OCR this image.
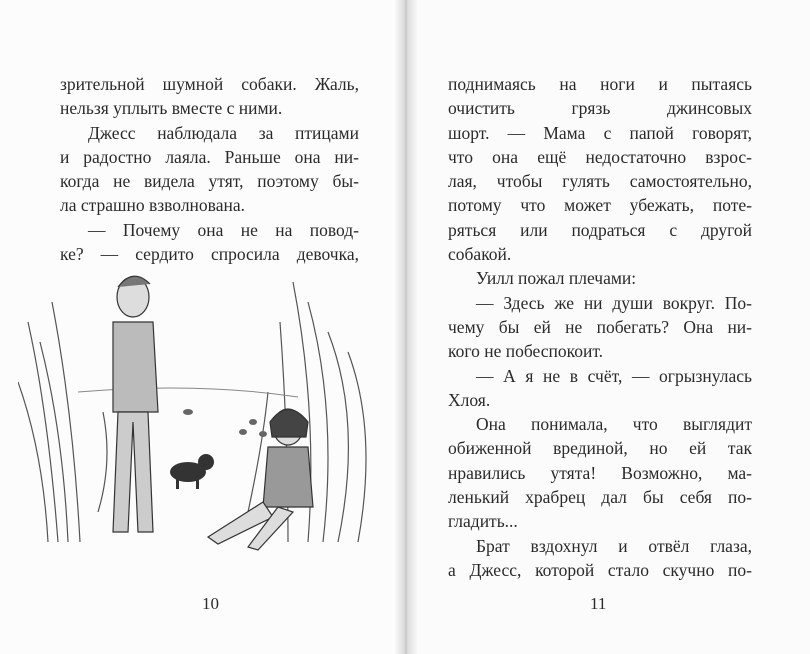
зрительной шумной собаки. Жаль,
нельзя уплыть вместе с ними.
Джесс наблюдала за птицами
и радостно лаяла. Раньше она ни-
когда не видела утят, поэтому бы-
ла страшно взволнована.
— Почему она не на повод-
ке? — сердито спросила девочка,
10	11
поднимаясь на ноги и пытаясь
очистить грязь джинсовых
шорт. — Мама с папой говорят,
что она ещё недостаточно взрос-
лая, чтобы гулять самостоятельно,
потому что может убежать, поте-
ряться или подраться с другой
собакой.
Уилл пожал плечами:
— Здесь же ни души вокруг. По-
чему бы ей не побегать? Она ни-
кого не побеспокоит.
— А я не в счёт, — огрызнулась
Хлоя.
Она понимала, что выглядит
обиженной врединой, но ей так
нравились утята! Возможно, ма-
ленький храбрец дал бы себя по-
гладить...
Брат вздохнул и отвёл глаза,
а Джесс, которой стало скучно по-
